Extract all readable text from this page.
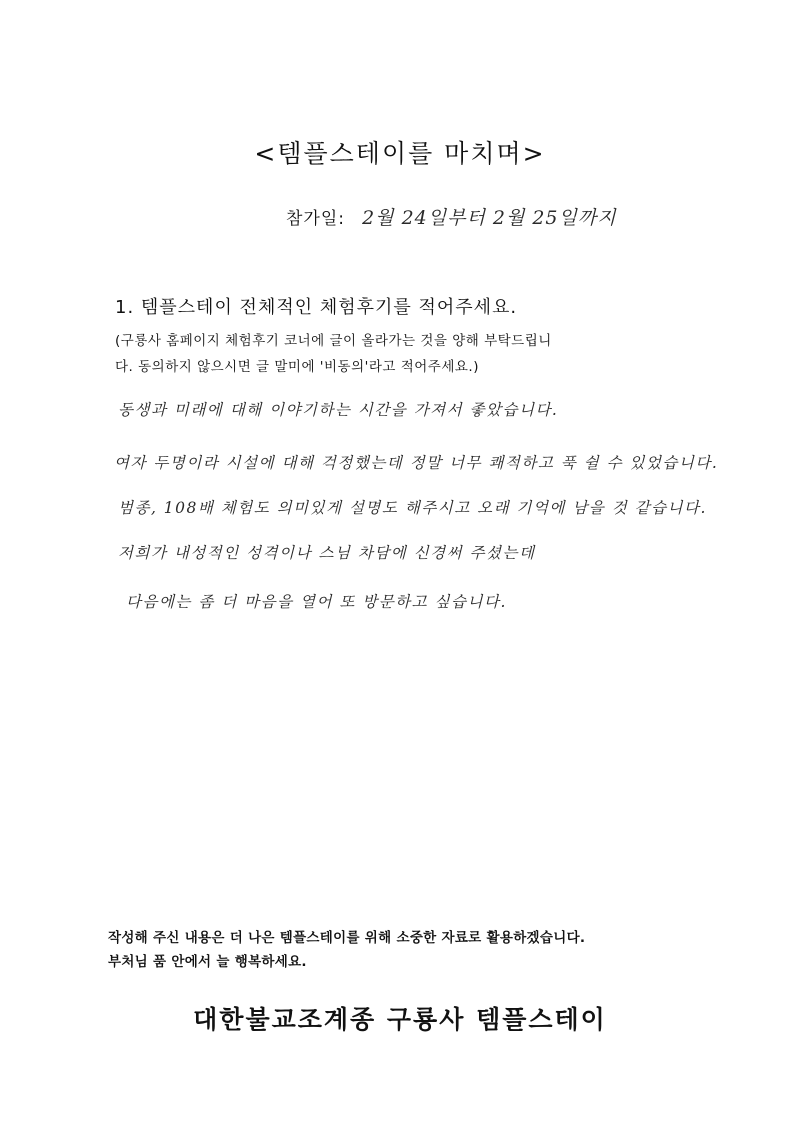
<템플스테이를 마치며>
참가일: 2월 24일부터 2월 25일까지
1. 템플스테이 전체적인 체험후기를 적어주세요.
(구룡사 홈페이지 체험후기 코너에 글이 올라가는 것을 양해 부탁드립니
다. 동의하지 않으시면 글 말미에 '비동의'라고 적어주세요.)
동생과 미래에 대해 이야기하는 시간을 가져서 좋았습니다.
여자 두명이라 시설에 대해 걱정했는데 정말 너무 쾌적하고 푹 쉴 수 있었습니다.
범종, 108배 체험도 의미있게 설명도 해주시고 오래 기억에 남을 것 같습니다.
저희가 내성적인 성격이나 스님 차담에 신경써 주셨는데
다음에는 좀 더 마음을 열어 또 방문하고 싶습니다.
작성해 주신 내용은 더 나은 템플스테이를 위해 소중한 자료로 활용하겠습니다.
부처님 품 안에서 늘 행복하세요.
대한불교조계종 구룡사 템플스테이
